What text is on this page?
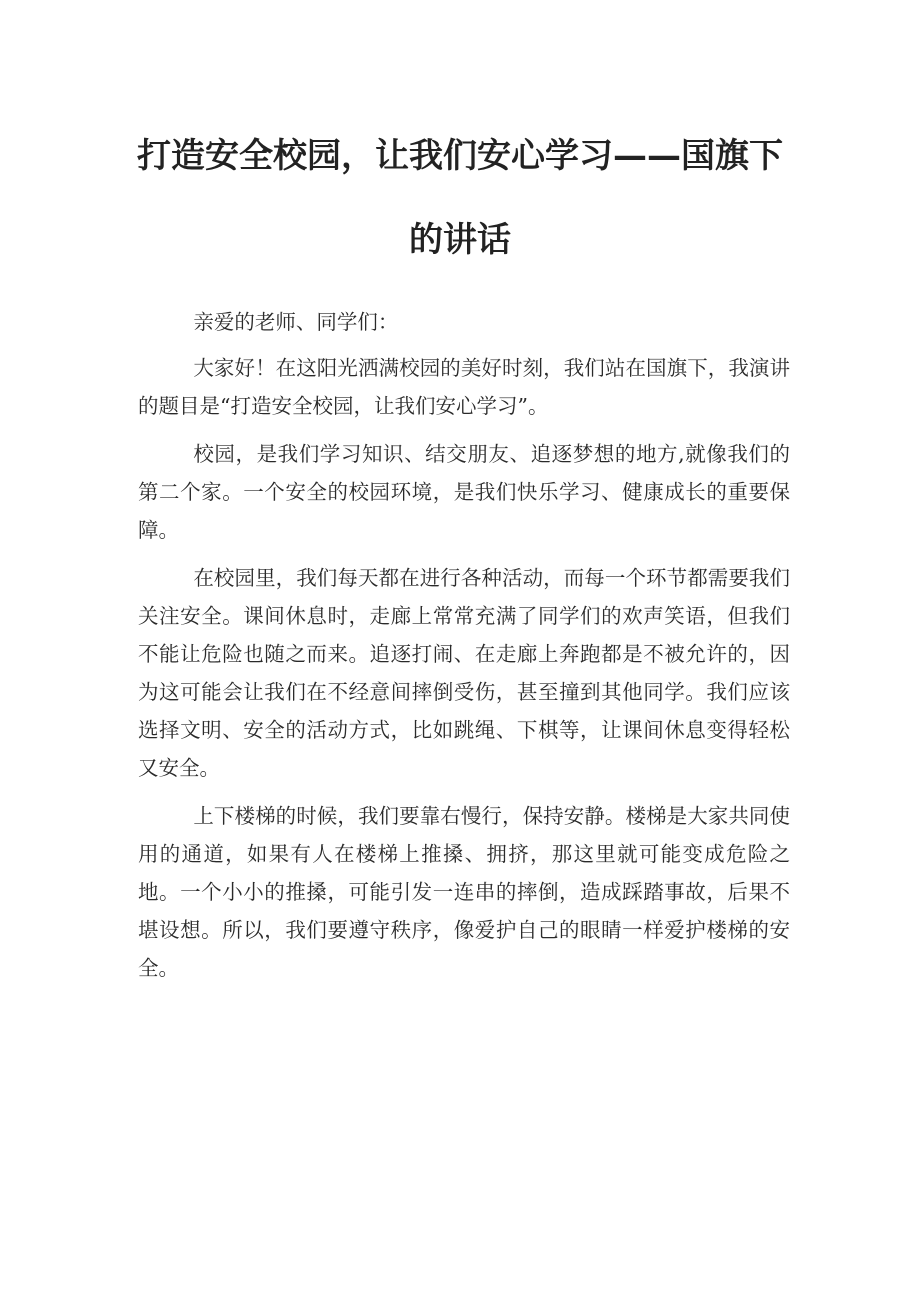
打造安全校园，让我们安心学习——国旗下
的讲话

亲爱的老师、同学们：

大家好！在这阳光洒满校园的美好时刻，我们站在国旗下，我演讲的题目是“打造安全校园，让我们安心学习”。

校园，是我们学习知识、结交朋友、追逐梦想的地方,就像我们的第二个家。一个安全的校园环境，是我们快乐学习、健康成长的重要保障。

在校园里，我们每天都在进行各种活动，而每一个环节都需要我们关注安全。课间休息时，走廊上常常充满了同学们的欢声笑语，但我们不能让危险也随之而来。追逐打闹、在走廊上奔跑都是不被允许的，因为这可能会让我们在不经意间摔倒受伤，甚至撞到其他同学。我们应该选择文明、安全的活动方式，比如跳绳、下棋等，让课间休息变得轻松又安全。

上下楼梯的时候，我们要靠右慢行，保持安静。楼梯是大家共同使用的通道，如果有人在楼梯上推搡、拥挤，那这里就可能变成危险之地。一个小小的推搡，可能引发一连串的摔倒，造成踩踏事故，后果不堪设想。所以，我们要遵守秩序，像爱护自己的眼睛一样爱护楼梯的安全。
